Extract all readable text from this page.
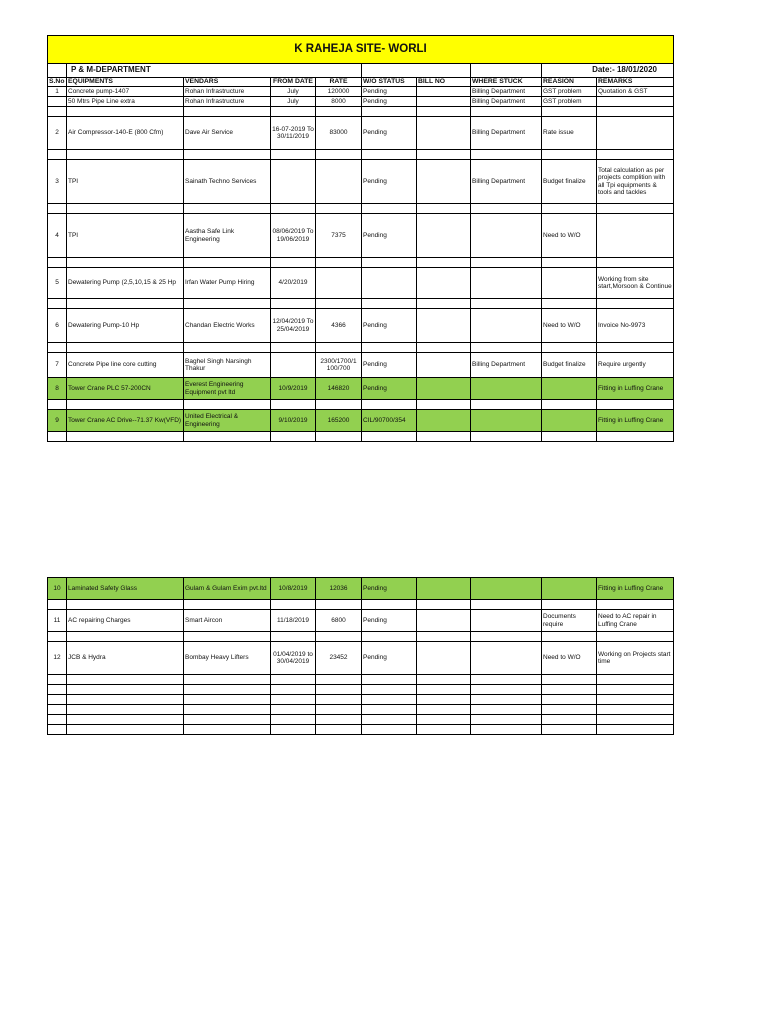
K RAHEJA SITE- WORLI									
	P & M-DEPARTMENT							Date:- 18/01/2020	
S.No	EQUIPMENTS	VENDARS	FROM DATE	RATE	W/O STATUS	BILL NO	WHERE STUCK	REASION	REMARKS
1	Concrete pump-1407	Rohan Infrastructure	July	120000	Pending		Billing Department	GST problem	Quotation & GST
	50 Mtrs Pipe Line extra	Rohan Infrastructure	July	8000	Pending		Billing Department	GST problem	

2	Air Compressor-140-E (800 Cfm)	Dave Air Service	16-07-2019 To 30/11/2019	83000	Pending		Billing Department	Rate issue	

3	TPI	Sainath Techno Services			Pending		Billing Department	Budget finalize	Total calculation as per projects complition with all Tpi equipments & tools and tackles

4	TPI	Aastha Safe Link Engineering	08/06/2019 To 19/06/2019	7375	Pending			Need to W/O	

5	Dewatering Pump (2,5,10,15 & 25 Hp	Irfan Water Pump Hiring	4/20/2019						Working from site start,Morsoon & Continue

6	Dewatering Pump-10 Hp	Chandan Electric Works	12/04/2019 To 25/04/2019	4366	Pending			Need to W/O	Invoice No-9973

7	Concrete Pipe line core cutting	Baghel Singh Narsingh Thakur		2300/1700/1 100/700	Pending		Billing Department	Budget finalize	Require urgently
8	Tower Crane PLC 57-200CN	Everest Engineering Equipment pvt ltd	10/9/2019	146820	Pending				Fitting in Luffing Crane

9	Tower Crane AC Drive--71.37 Kw(VFD)	United Electrical & Engineering	9/10/2019	165200	CIL/90700/354				Fitting in Luffing Crane

10	Laminated Safety Glass	Gulam & Gulam Exim pvt.ltd	10/8/2019	12036	Pending				Fitting in Luffing Crane

11	AC repairing Charges	Smart Aircon	11/18/2019	6800	Pending			Documents require	Need to AC repair in Luffing Crane

12	JCB & Hydra	Bombay Heavy Lifters	01/04/2019 to 30/04/2019	23452	Pending			Need to W/O	Working on Projects start time
